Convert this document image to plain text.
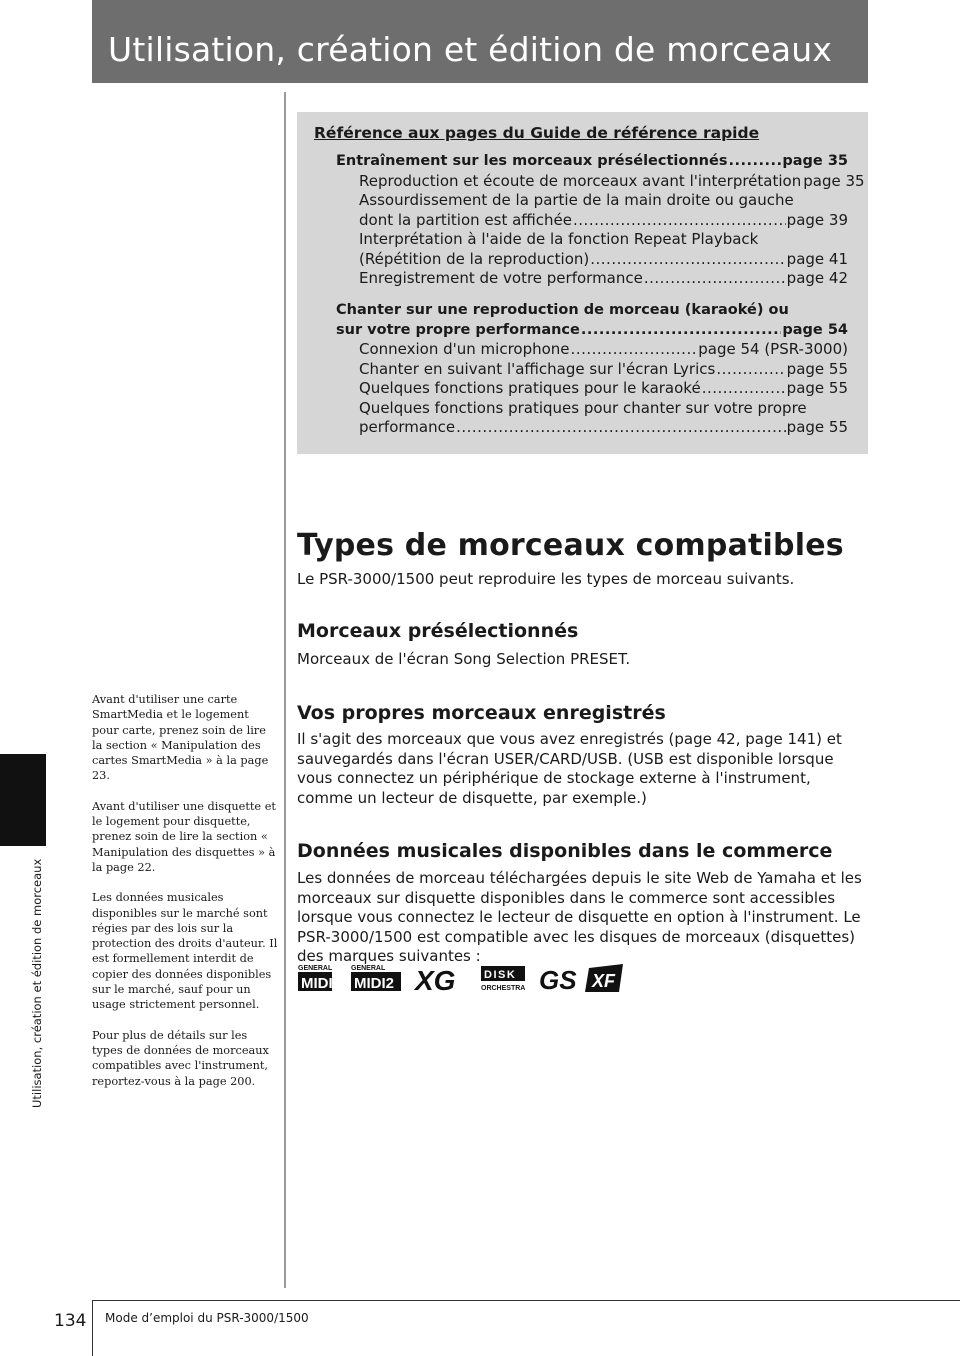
Utilisation, création et édition de morceaux
Référence aux pages du Guide de référence rapide
Entraînement sur les morceaux présélectionnés .....	page 35
Reproduction et écoute de morceaux avant l'interprétation page 35
Assourdissement de la partie de la main droite ou gauche
dont la partition est affichée .....	page 39
Interprétation à l'aide de la fonction Repeat Playback
(Répétition de la reproduction) .....	page 41
Enregistrement de votre performance .....	page 42
Chanter sur une reproduction de morceau (karaoké) ou
sur votre propre performance .....	page 54
Connexion d'un microphone .....	page 54 (PSR-3000)
Chanter en suivant l'affichage sur l'écran Lyrics .....	page 55
Quelques fonctions pratiques pour le karaoké .....	page 55
Quelques fonctions pratiques pour chanter sur votre propre
performance .....	page 55
Types de morceaux compatibles
Le PSR-3000/1500 peut reproduire les types de morceau suivants.
Morceaux présélectionnés
Morceaux de l'écran Song Selection PRESET.
Vos propres morceaux enregistrés
Il s'agit des morceaux que vous avez enregistrés (page 42, page 141) et sauvegardés dans l'écran USER/CARD/USB. (USB est disponible lorsque vous connectez un périphérique de stockage externe à l'instrument, comme un lecteur de disquette, par exemple.)
Données musicales disponibles dans le commerce
Les données de morceau téléchargées depuis le site Web de Yamaha et les morceaux sur disquette disponibles dans le commerce sont accessibles lorsque vous connectez le lecteur de disquette en option à l'instrument. Le PSR-3000/1500 est compatible avec les disques de morceaux (disquettes) des marques suivantes :
GENERAL
MIDI
GENERAL
MIDI2 XG	DISK
ORCHESTRA GS XF
Utilisation, création et édition de morceaux

Avant d'utiliser une carte SmartMedia et le logement pour carte, prenez soin de lire la section « Manipulation des cartes SmartMedia » à la page 23.

Avant d'utiliser une disquette et le logement pour disquette, prenez soin de lire la section « Manipulation des disquettes » à la page 22.

Les données musicales disponibles sur le marché sont régies par des lois sur la protection des droits d'auteur. Il est formellement interdit de copier des données disponibles sur le marché, sauf pour un usage strictement personnel.

Pour plus de détails sur les types de données de morceaux compatibles avec l'instrument, reportez-vous à la page 200.

134 Mode d’emploi du PSR-3000/1500
